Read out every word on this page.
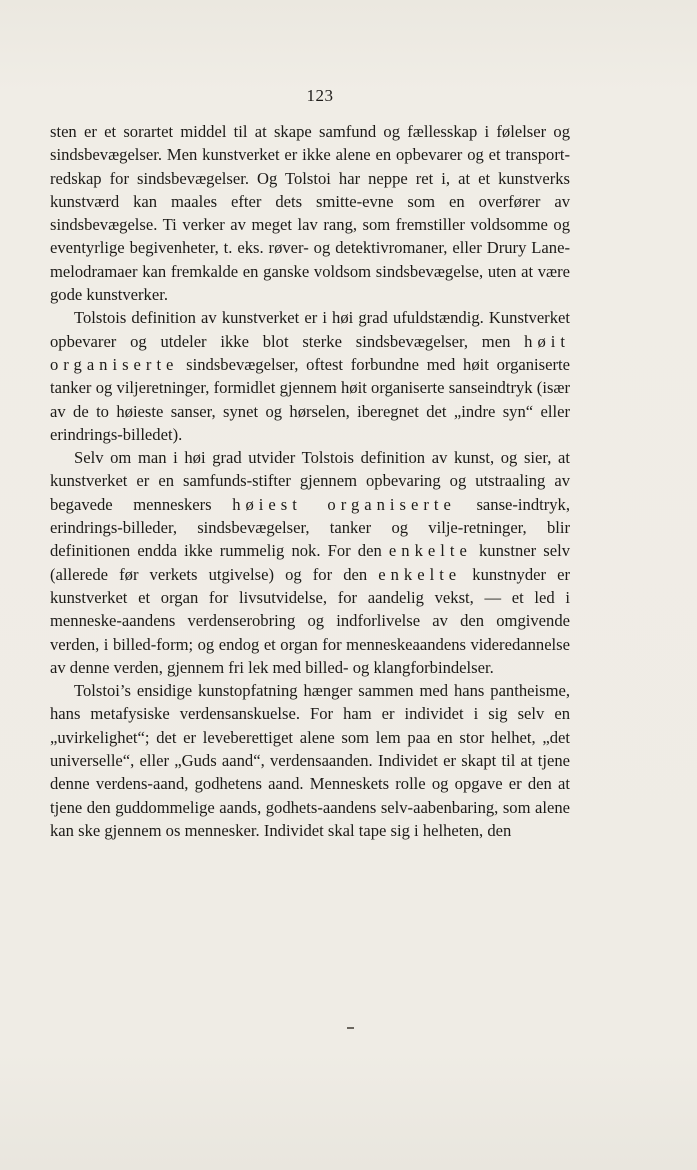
123

sten er et sorartet middel til at skape samfund og fællesskap i følelser og sindsbevægelser. Men kunstverket er ikke alene en opbevarer og et transport-redskap for sindsbevægelser. Og Tolstoi har neppe ret i, at et kunstverks kunstværd kan maales efter dets smitte-evne som en overfører av sindsbevægelse. Ti verker av meget lav rang, som fremstiller voldsomme og eventyrlige begivenheter, t. eks. røver- og detektivromaner, eller Drury Lane-melodramaer kan fremkalde en ganske voldsom sindsbevægelse, uten at være gode kunstverker.

Tolstois definition av kunstverket er i høi grad ufuldstændig. Kunstverket opbevarer og utdeler ikke blot sterke sindsbevægelser, men høit organiserte sindsbevægelser, oftest forbundne med høit organiserte tanker og viljeretninger, formidlet gjennem høit organiserte sanseindtryk (især av de to høieste sanser, synet og hørselen, iberegnet det „indre syn“ eller erindrings-billedet).

Selv om man i høi grad utvider Tolstois definition av kunst, og sier, at kunstverket er en samfunds-stifter gjennem opbevaring og utstraaling av begavede menneskers høiest organiserte sanse-indtryk, erindrings-billeder, sindsbevægelser, tanker og vilje-retninger, blir definitionen endda ikke rummelig nok. For den enkelte kunstner selv (allerede før verkets utgivelse) og for den enkelte kunstnyder er kunstverket et organ for livsutvidelse, for aandelig vekst, — et led i menneske-aandens verdenserobring og indforlivelse av den omgivende verden, i billed-form; og endog et organ for menneskeaandens videredannelse av denne verden, gjennem fri lek med billed- og klangforbindelser.

Tolstoi’s ensidige kunstopfatning hænger sammen med hans pantheisme, hans metafysiske verdensanskuelse. For ham er individet i sig selv en „uvirkelighet“; det er leveberettiget alene som lem paa en stor helhet, „det universelle“, eller „Guds aand“, verdensaanden. Individet er skapt til at tjene denne verdens-aand, godhetens aand. Menneskets rolle og opgave er den at tjene den guddommelige aands, godhets-aandens selv-aabenbaring, som alene kan ske gjennem os mennesker. Individet skal tape sig i helheten, den
